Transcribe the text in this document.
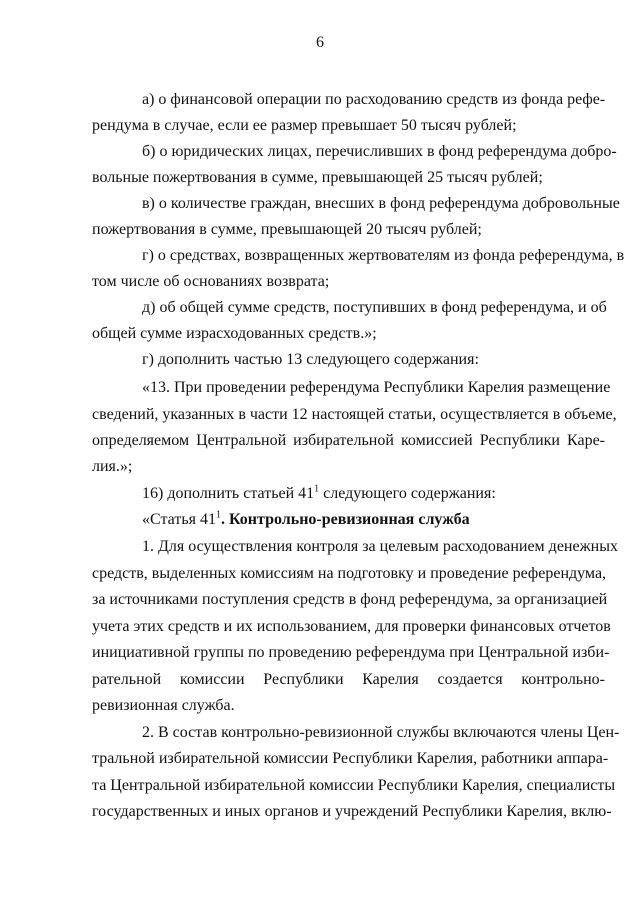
6
а) о финансовой операции по расходованию средств из фонда рефе-
рендума в случае, если ее размер превышает 50 тысяч рублей;
б) о юридических лицах, перечисливших в фонд референдума добро-
вольные пожертвования в сумме, превышающей 25 тысяч рублей;
в) о количестве граждан, внесших в фонд референдума добровольные
пожертвования в сумме, превышающей 20 тысяч рублей;
г) о средствах, возвращенных жертвователям из фонда референдума, в
том числе об основаниях возврата;
д) об общей сумме средств, поступивших в фонд референдума, и об
общей сумме израсходованных средств.»;
г) дополнить частью 13 следующего содержания:
«13. При проведении референдума Республики Карелия размещение
сведений, указанных в части 12 настоящей статьи, осуществляется в объеме,
определяемом Центральной избирательной комиссией Республики Каре-
лия.»;
16) дополнить статьей $41^1$ следующего содержания:
«Статья $41^1$. Контрольно-ревизионная служба
1. Для осуществления контроля за целевым расходованием денежных
средств, выделенных комиссиям на подготовку и проведение референдума,
за источниками поступления средств в фонд референдума, за организацией
учета этих средств и их использованием, для проверки финансовых отчетов
инициативной группы по проведению референдума при Центральной изби-
рательной комиссии Республики Карелия создается контрольно-
ревизионная служба.
2. В состав контрольно-ревизионной службы включаются члены Цен-
тральной избирательной комиссии Республики Карелия, работники аппара-
та Центральной избирательной комиссии Республики Карелия, специалисты
государственных и иных органов и учреждений Республики Карелия, вклю-
